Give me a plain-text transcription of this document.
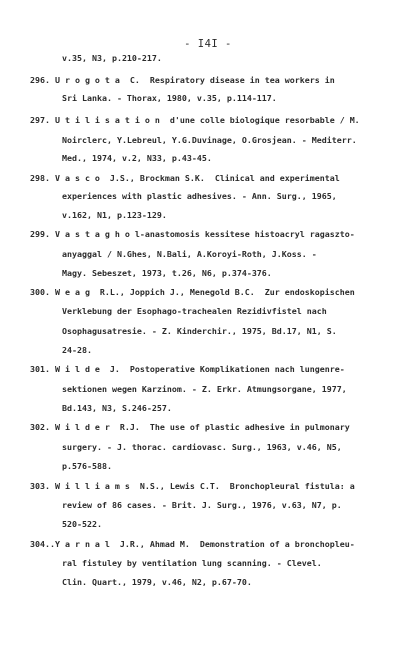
- I4I -
v.35, N3, p.210-217.
296. U r o g o t a  C.  Respiratory disease in tea workers in
Sri Lanka. - Thorax, 1980, v.35, p.114-117.
297. U t i l i s a t i o n  d'une colle biologique resorbable / M.
Noirclerc, Y.Lebreul, Y.G.Duvinage, O.Grosjean. - Mediterr.
Med., 1974, v.2, N33, p.43-45.
298. V a s c o  J.S., Brockman S.K.  Clinical and experimental
experiences with plastic adhesives. - Ann. Surg., 1965,
v.162, N1, p.123-129.
299. V a s t a g h o l-anastomosis kessitese histoacryl ragaszto-
anyaggal / N.Ghes, N.Bali, A.Koroyi-Roth, J.Koss. -
Magy. Sebeszet, 1973, t.26, N6, p.374-376.
300. W e a g  R.L., Joppich J., Menegold B.C.  Zur endoskopischen
Verklebung der Esophago-trachealen Rezidivfistel nach
Osophagusatresie. - Z. Kinderchir., 1975, Bd.17, N1, S.
24-28.
301. W i l d e  J.  Postoperative Komplikationen nach lungenre-
sektionen wegen Karzinom. - Z. Erkr. Atmungsorgane, 1977,
Bd.143, N3, S.246-257.
302. W i l d e r  R.J.  The use of plastic adhesive in pulmonary
surgery. - J. thorac. cardiovasc. Surg., 1963, v.46, N5,
p.576-588.
303. W i l l i a m s  N.S., Lewis C.T.  Bronchopleural fistula: a
review of 86 cases. - Brit. J. Surg., 1976, v.63, N7, p.
520-522.
304..Y a r n a l  J.R., Ahmad M.  Demonstration of a bronchopleu-
ral fistuley by ventilation lung scanning. - Clevel.
Clin. Quart., 1979, v.46, N2, p.67-70.
